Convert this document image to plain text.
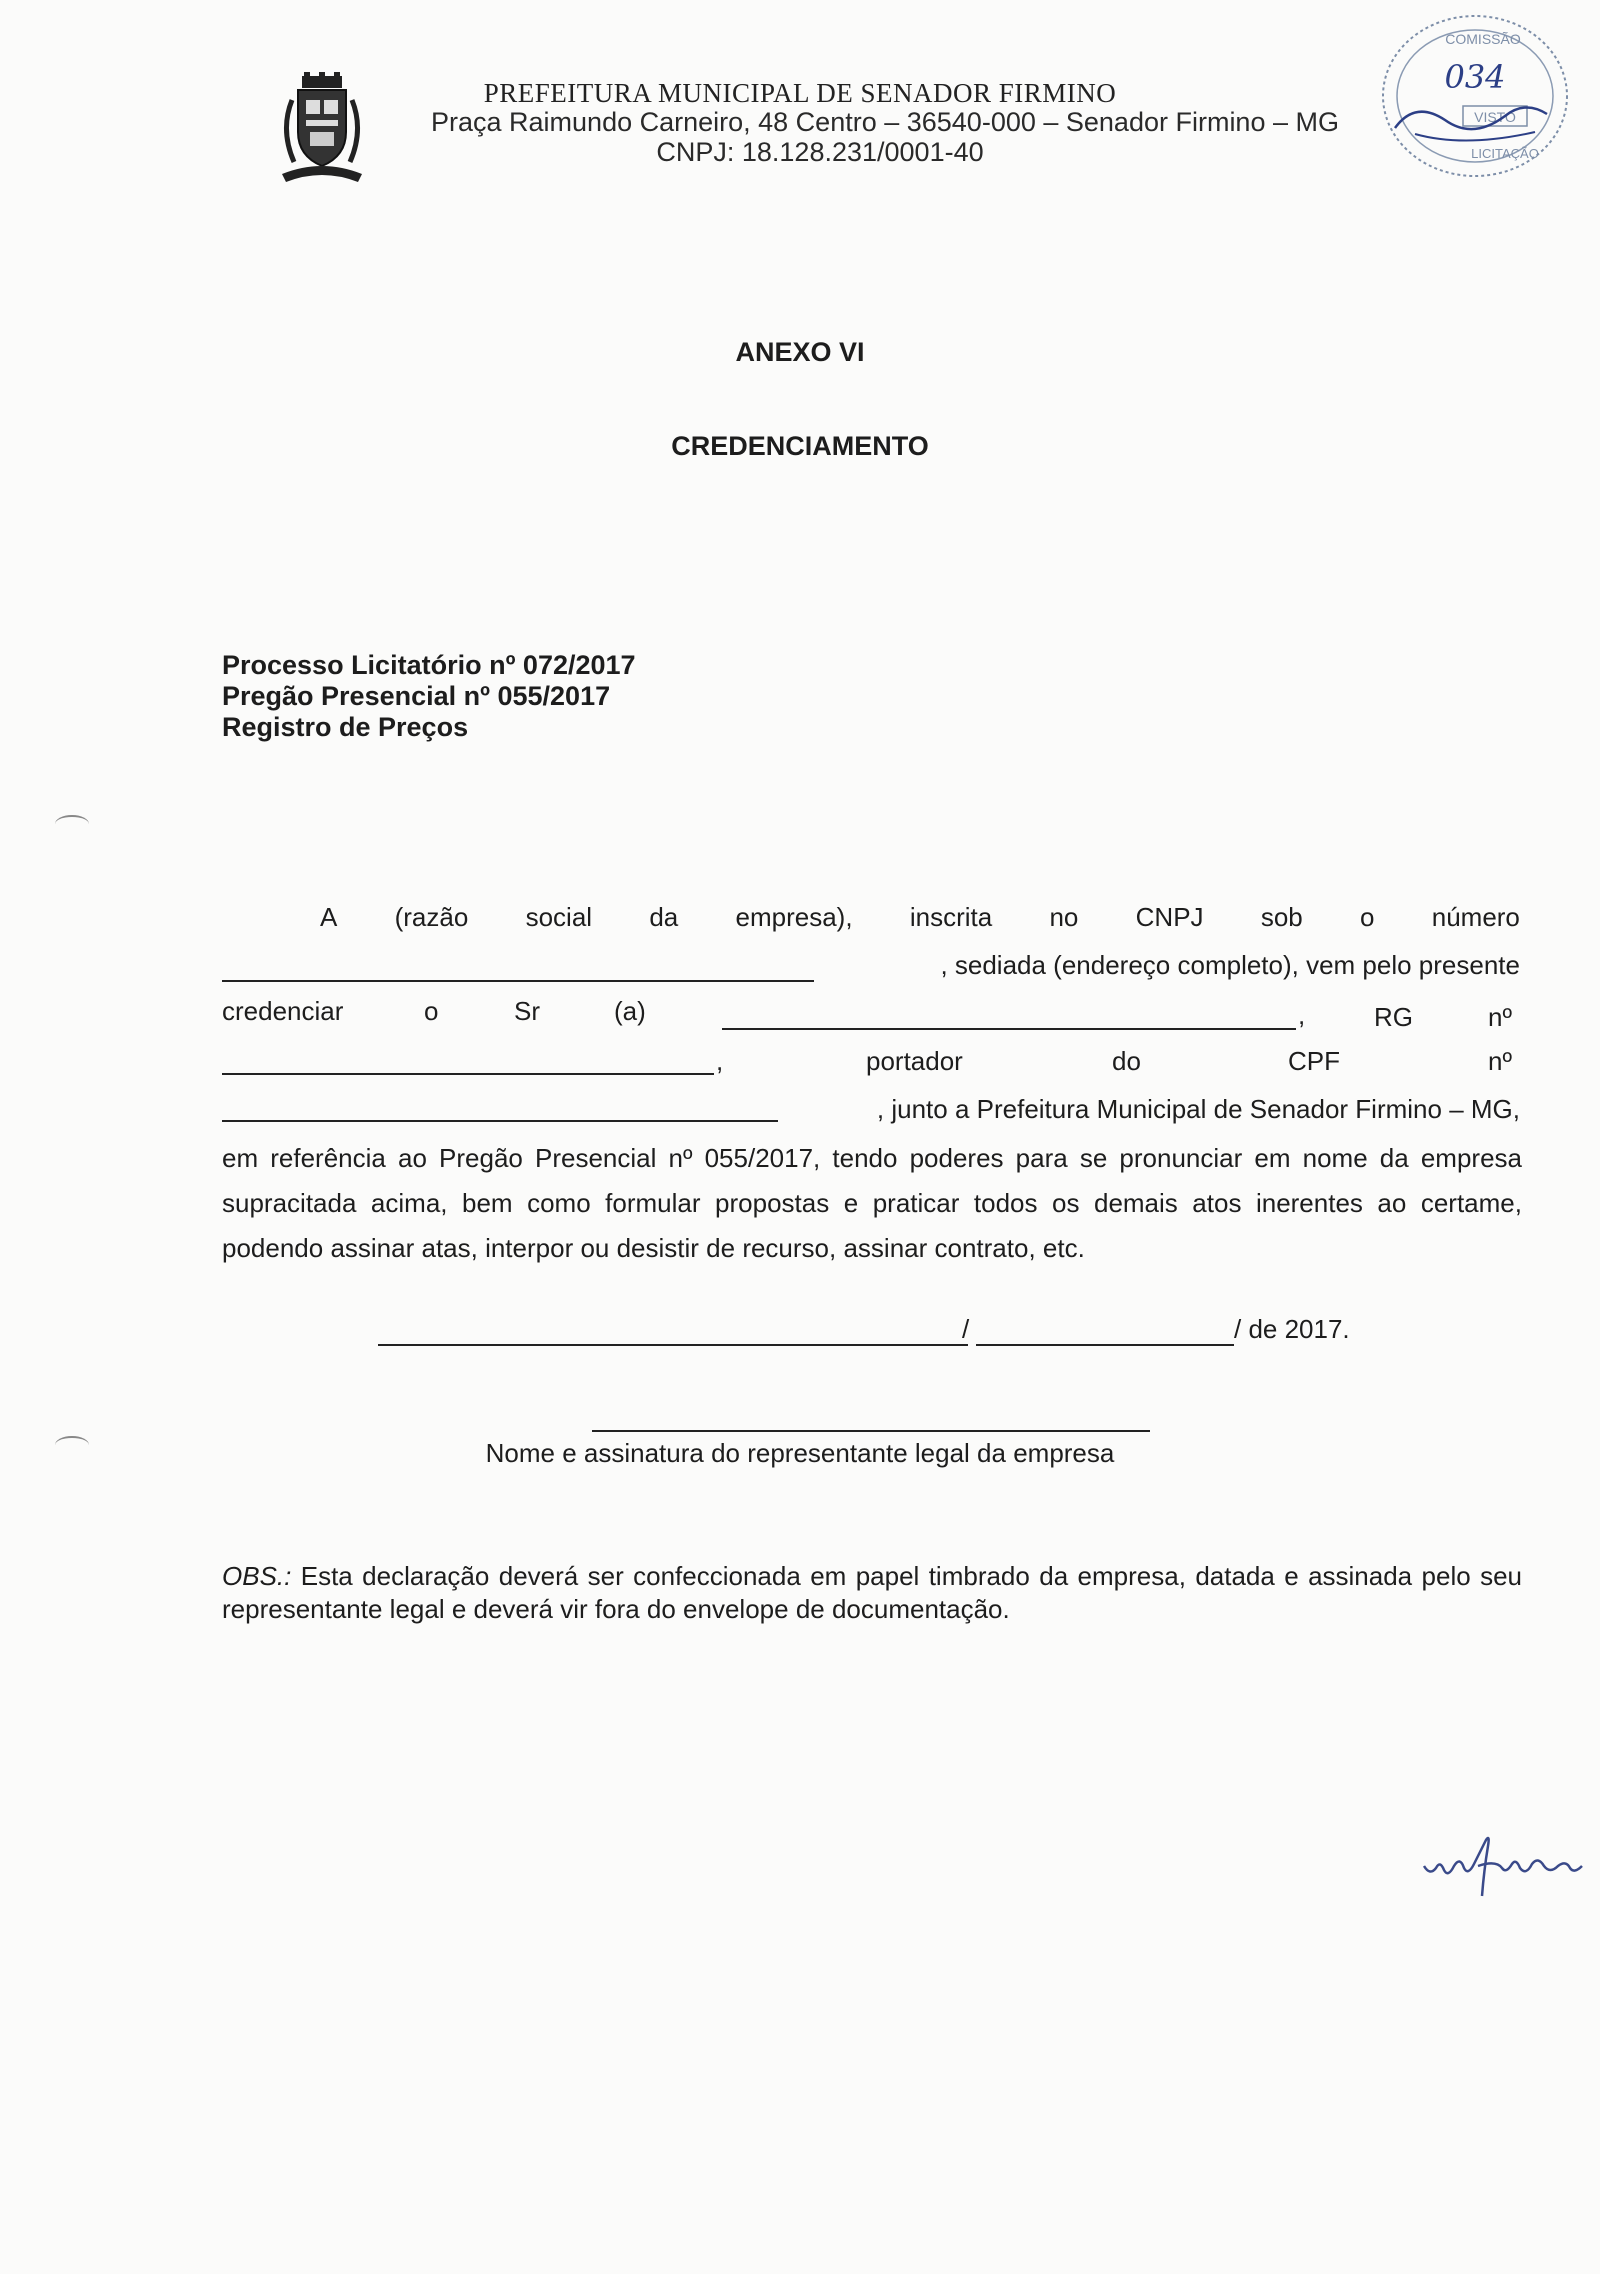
PREFEITURA MUNICIPAL DE SENADOR FIRMINO
Praça Raimundo Carneiro, 48 Centro – 36540-000 – Senador Firmino – MG
CNPJ: 18.128.231/0001-40
COMISSÃO
034
VISTO
LICITAÇÃO
ANEXO VI
CREDENCIAMENTO
Processo Licitatório nº 072/2017
Pregão Presencial nº 055/2017
Registro de Preços
A (razão social da empresa), inscrita no CNPJ sob o número
, sediada (endereço completo), vem pelo presente
credenciar	o	Sr	(a)	,	RG	nº
,	portador	do	CPF	nº
, junto a Prefeitura Municipal de Senador Firmino – MG,
em referência ao Pregão Presencial nº 055/2017, tendo poderes para se pronunciar em nome da empresa supracitada acima, bem como formular propostas e praticar todos os demais atos inerentes ao certame, podendo assinar atas, interpor ou desistir de recurso, assinar contrato, etc.
/	/ de 2017.
Nome e assinatura do representante legal da empresa
OBS.: Esta declaração deverá ser confeccionada em papel timbrado da empresa, datada e assinada pelo seu representante legal e deverá vir fora do envelope de documentação.
